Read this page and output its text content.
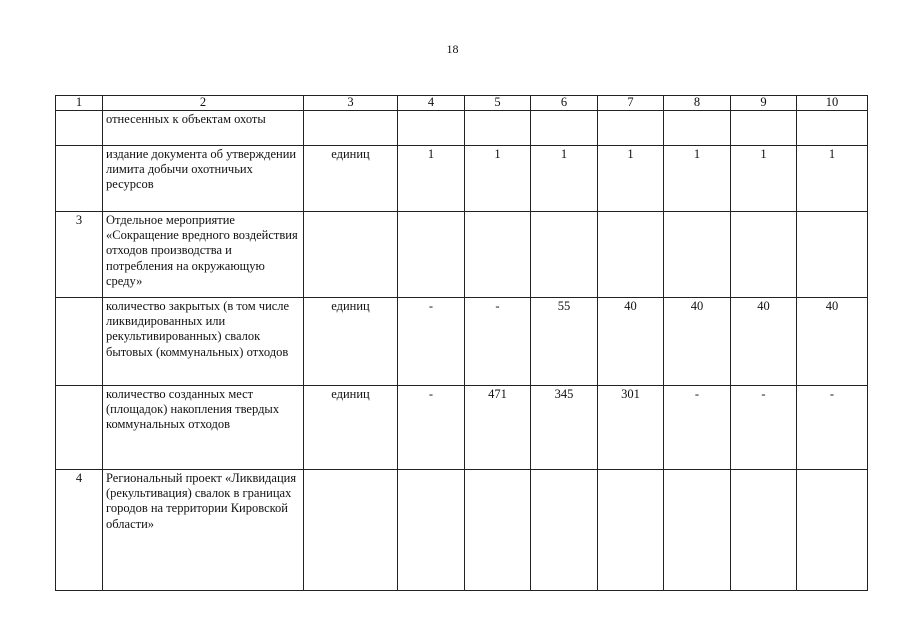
18
1	2	3	4	5	6	7	8	9	10
	отнесенных к объектам охоты								
	издание документа об утверждении лимита добычи охотничьих ресурсов	единиц	1	1	1	1	1	1	1
3	Отдельное мероприятие «Сокращение вредного воздействия отходов производства и потребления на окружающую среду»								
	количество закрытых (в том числе ликвидированных или рекультивированных) свалок бытовых (коммунальных) отходов	единиц	-	-	55	40	40	40	40
	количество созданных мест (площадок) накопления твердых коммунальных отходов	единиц	-	471	345	301	-	-	-
4	Региональный проект «Ликвидация (рекультивация) свалок в границах городов на территории Кировской области»								
